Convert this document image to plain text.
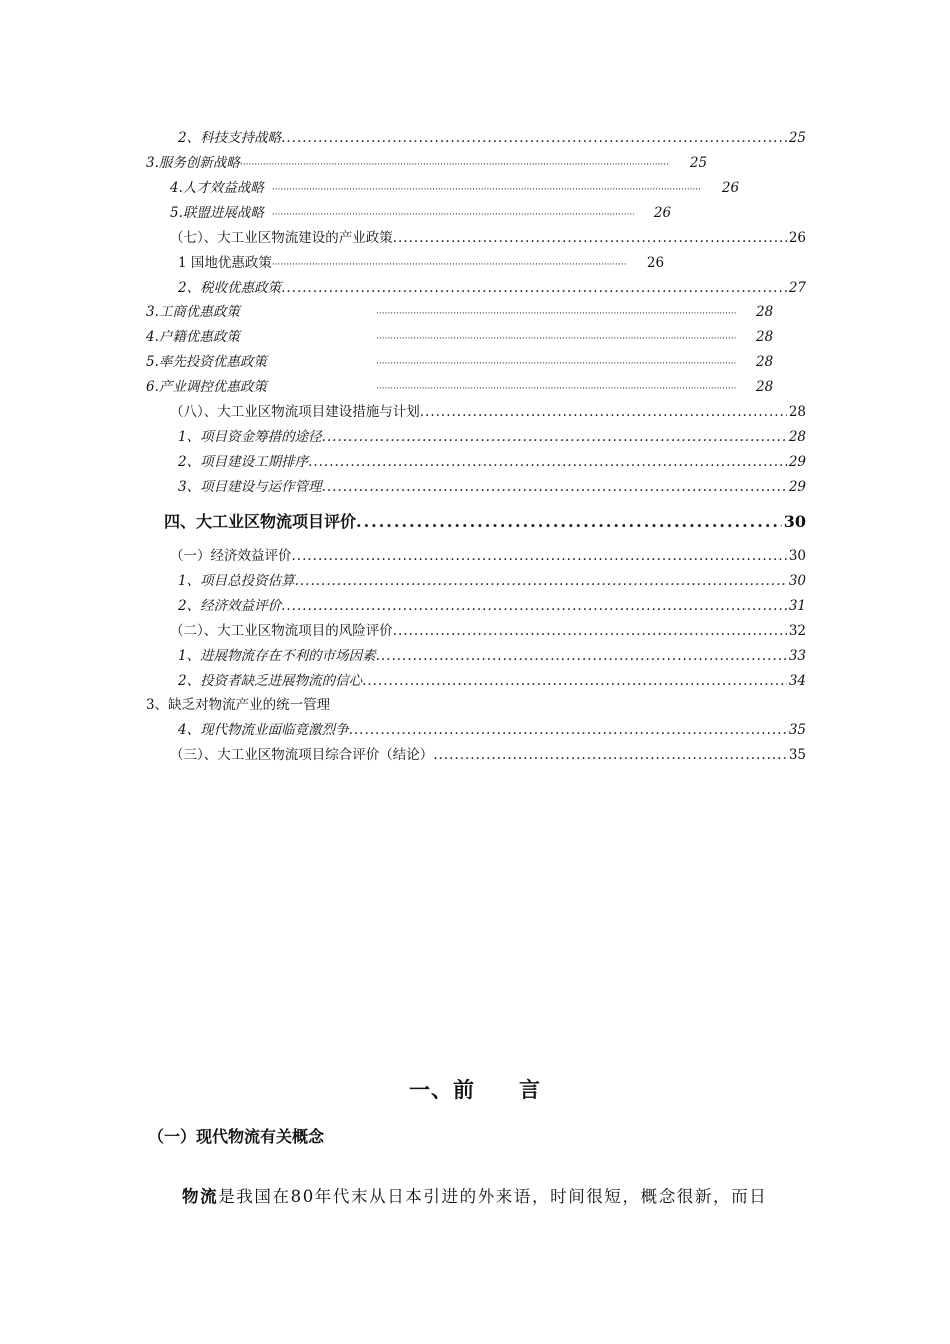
2、科技支持战略 .....	25
3.服务创新战略 ·····	25
4.人才效益战略 ·····	26
5.联盟进展战略 ·····	26
（七）、大工业区物流建设的产业政策 .....	26
1 国地优惠政策 ·····	26
2、税收优惠政策 .....	27
3.工商优惠政策 ·····	28
4.户籍优惠政策 ·····	28
5.率先投资优惠政策 ·····	28
6.产业调控优惠政策 ·····	28
（八）、大工业区物流项目建设措施与计划 .....	28
1、项目资金筹措的途径 .....	28
2、项目建设工期排序 .....	29
3、项目建设与运作管理 .....	29
四、大工业区物流项目评价 .....	30
（一）经济效益评价 .....	30
1、项目总投资估算 .....	30
2、经济效益评价 .....	31
（二）、大工业区物流项目的风险评价 .....	32
1、进展物流存在不利的市场因素 .....	33
2、投资者缺乏进展物流的信心 .....	34
3、缺乏对物流产业的统一管理
4、现代物流业面临竟激烈争 .....	35
（三）、大工业区物流项目综合评价（结论） .....	35
一、前　　言
（一）现代物流有关概念
物流是我国在80年代末从日本引进的外来语，时间很短，概念很新，而日
